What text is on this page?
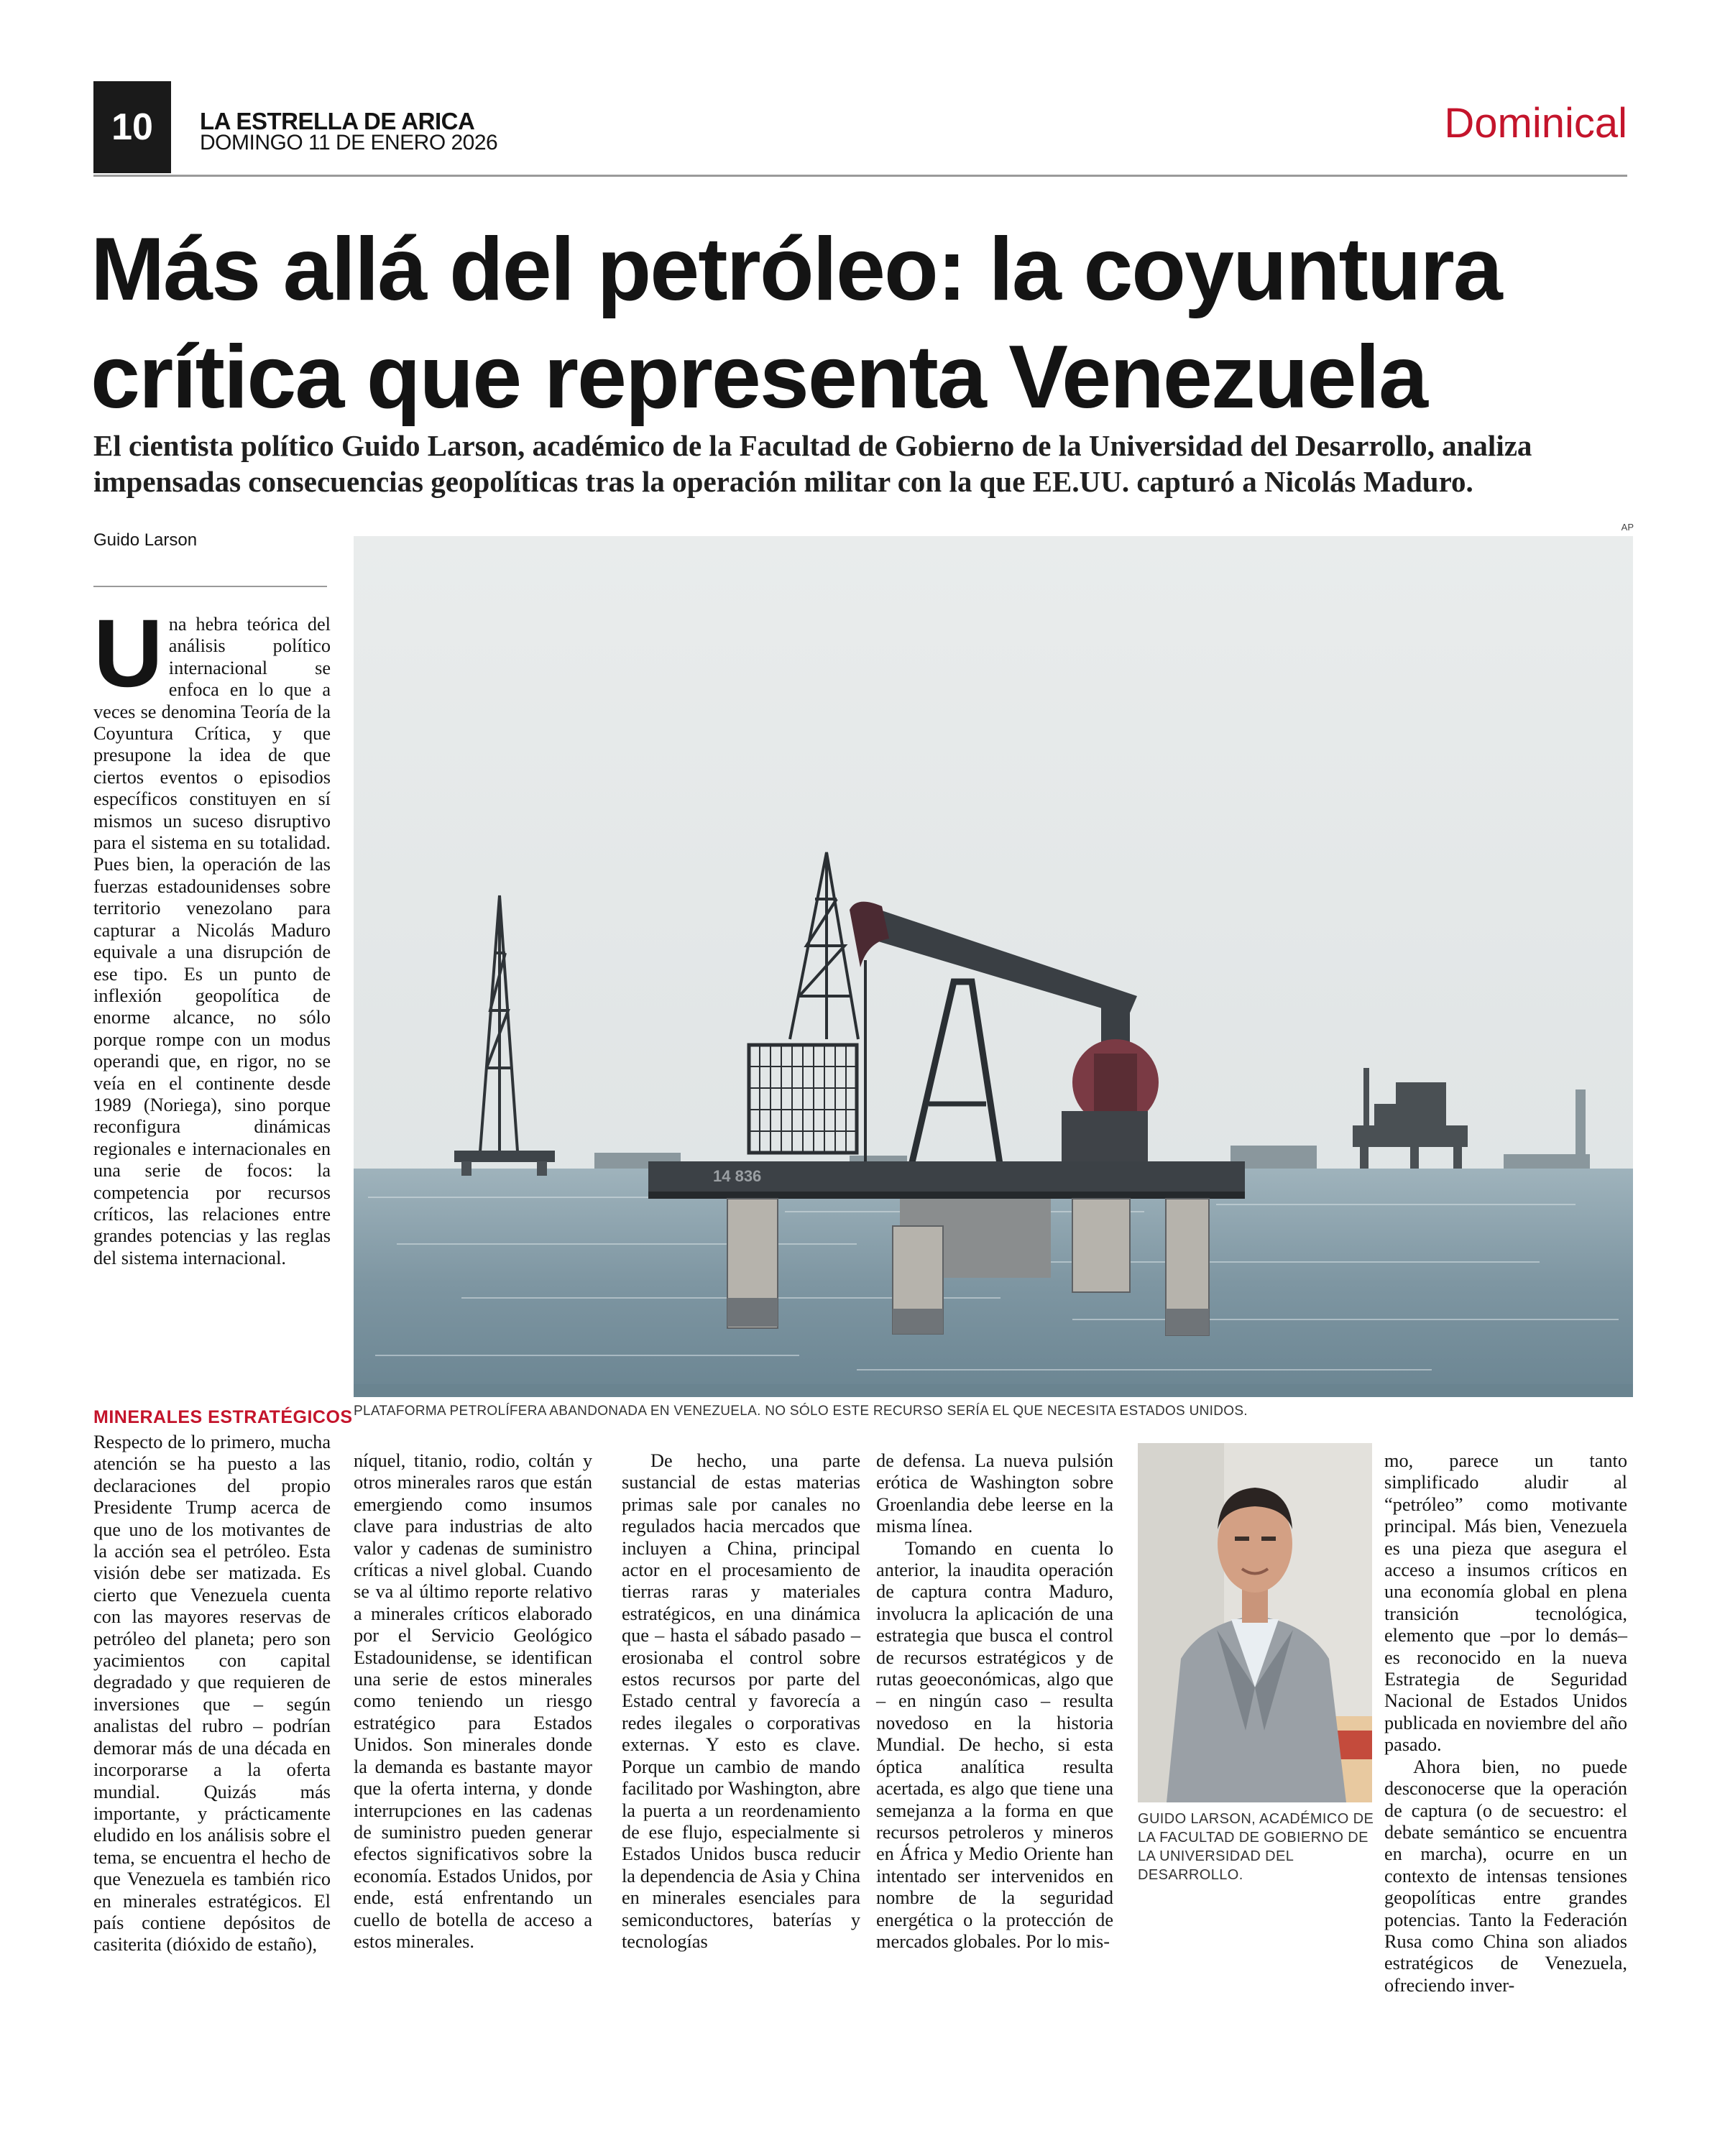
10	LA ESTRELLA DE ARICA
DOMINGO 11 DE ENERO 2026	Dominical
Más allá del petróleo: la coyuntura
crítica que representa Venezuela
El cientista político Guido Larson, académico de la Facultad de Gobierno de la Universidad del Desarrollo, analiza
impensadas consecuencias geopolíticas tras la operación militar con la que EE.UU. capturó a Nicolás Maduro.
Guido Larson
AP

Una hebra teórica del análisis político internacional se enfoca en lo que a veces se denomina Teoría de la Coyuntura Crítica, y que presupone la idea de que ciertos eventos o episodios específicos constituyen en sí mismos un suceso disruptivo para el sistema en su totalidad. Pues bien, la operación de las fuerzas estadounidenses sobre territorio venezolano para capturar a Nicolás Maduro equivale a una disrupción de ese tipo. Es un punto de inflexión geopolítica de enorme alcance, no sólo porque rompe con un modus operandi que, en rigor, no se veía en el continente desde 1989 (Noriega), sino porque reconfigura dinámicas regionales e internacionales en una serie de focos: la competencia por recursos críticos, las relaciones entre grandes potencias y las reglas del sistema internacional.

MINERALES ESTRATÉGICOS

Respecto de lo primero, mucha atención se ha puesto a las declaraciones del propio Presidente Trump acerca de que uno de los motivantes de la acción sea el petróleo. Esta visión debe ser matizada. Es cierto que Venezuela cuenta con las mayores reservas de petróleo del planeta; pero son yacimientos con capital degradado y que requieren de inversiones que – según analistas del rubro – podrían demorar más de una década en incorporarse a la oferta mundial. Quizás más importante, y prácticamente eludido en los análisis sobre el tema, se encuentra el hecho de que Venezuela es también rico en minerales estratégicos. El país contiene depósitos de casiterita (dióxido de estaño),

14 836
PLATAFORMA PETROLÍFERA ABANDONADA EN VENEZUELA. NO SÓLO ESTE RECURSO SERÍA EL QUE NECESITA ESTADOS UNIDOS.

níquel, titanio, rodio, coltán y otros minerales raros que están emergiendo como insumos clave para industrias de alto valor y cadenas de suministro críticas a nivel global. Cuando se va al último reporte relativo a minerales críticos elaborado por el Servicio Geológico Estadounidense, se identifican una serie de estos minerales como teniendo un riesgo estratégico para Estados Unidos. Son minerales donde la demanda es bastante mayor que la oferta interna, y donde interrupciones en las cadenas de suministro pueden generar efectos significativos sobre la economía. Estados Unidos, por ende, está enfrentando un cuello de botella de acceso a estos minerales.

De hecho, una parte sustancial de estas materias primas sale por canales no regulados hacia mercados que incluyen a China, principal actor en el procesamiento de tierras raras y materiales estratégicos, en una dinámica que – hasta el sábado pasado – erosionaba el control sobre estos recursos por parte del Estado central y favorecía a redes ilegales o corporativas externas. Y esto es clave. Porque un cambio de mando facilitado por Washington, abre la puerta a un reordenamiento de ese flujo, especialmente si Estados Unidos busca reducir la dependencia de Asia y China en minerales esenciales para semiconductores, baterías y tecnologías

de defensa. La nueva pulsión erótica de Washington sobre Groenlandia debe leerse en la misma línea.

Tomando en cuenta lo anterior, la inaudita operación de captura contra Maduro, involucra la aplicación de una estrategia que busca el control de recursos estratégicos y de rutas geoeconómicas, algo que – en ningún caso – resulta novedoso en la historia Mundial. De hecho, si esta óptica analítica resulta acertada, es algo que tiene una semejanza a la forma en que recursos petroleros y mineros en África y Medio Oriente han intentado ser intervenidos en nombre de la seguridad energética o la protección de mercados globales. Por lo mis-

GUIDO LARSON, ACADÉMICO DE LA FACULTAD DE GOBIERNO DE LA UNIVERSIDAD DEL DESARROLLO.

mo, parece un tanto simplificado aludir al “petróleo” como motivante principal. Más bien, Venezuela es una pieza que asegura el acceso a insumos críticos en una economía global en plena transición tecnológica, elemento que –por lo demás– es reconocido en la nueva Estrategia de Seguridad Nacional de Estados Unidos publicada en noviembre del año pasado.

Ahora bien, no puede desconocerse que la operación de captura (o de secuestro: el debate semántico se encuentra en marcha), ocurre en un contexto de intensas tensiones geopolíticas entre grandes potencias. Tanto la Federación Rusa como China son aliados estratégicos de Venezuela, ofreciendo inver-
